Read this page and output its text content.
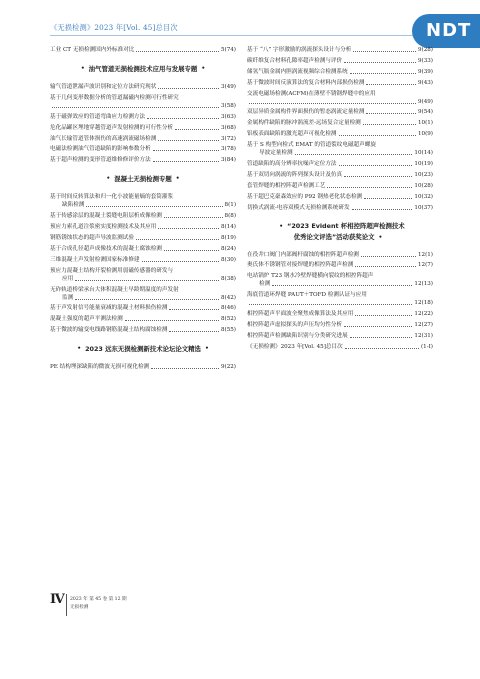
《无损检测》2023 年[Vol. 45]总目次	NDT
工业 CT 无损检测国内外标准对比	5(74)
• 油气管道无损检测技术应用与发展专题 •
输气管道泄漏声波识别和定位方法研究现状	3(49)
基于几何变形数据分析的管道漏磁内检测可行性研究
3(58)
基于磁弹效应的管道弯曲应力检测方法	3(63)
危化品罐区埋地穿越管道声发射检测的可行性分析	3(68)
油气长输管道管体损伤的高速涡流磁场检测	3(72)
电磁法检测油气管道缺陷的影响参数分析	3(78)
基于超声检测的变形管道维修修评价方法	3(84)
• 混凝土无损检测专题 •
基于时间反转算法和归一化小波能量熵的套筒灌浆
缺陷检测	8(1)
基于传感涂层的混凝土裂缝电阻层析成像检测	8(8)
预应力索孔道注浆密实度检测技术及其应用	8(14)
钢筋锈蚀状态的超声导波监测试验	8(19)
基于合成孔径超声成像技术的混凝土腐蚀检测	8(24)
三维混凝土声发射检测国家标准修建	8(30)
预应力混凝土结构开裂检测用弱磁传感器的研发与
应用	8(38)
无砟轨道桥梁承台大体积混凝土早龄期温度的声发射
监测	8(42)
基于声发射信号能量衰减的混凝土材料损伤检测	8(46)
混凝土强度的超声平测法检测	8(52)
基于微波的输变电线路钢筋混凝土结构腐蚀检测	8(55)
• 2023 远东无损检测新技术论坛论文精选 •
PE 结构埋深缺陷的微波无损可视化检测	9(22)
基于 “八” 字形激励的涡流探头设计与分析	9(28)
碳纤维复合材料孔隙率超声检测与评价	9(33)
储氢气瓶金属内胆涡流视频综合检测系统	9(39)
基于微波时间反演算法的复合材料内部损伤检测	9(43)
交流电磁场检测(ACFM)在薄壁不锈钢焊缝中的应用
9(49)
双层异质金属构件界面损伤的暂态涡流定量检测	9(54)
金属构件缺陷的脉冲涡流差-远场复合定量检测	10(1)
铝板表面缺陷的激光超声可视化检测	10(9)
基于 S 构型向检式 EMAT 的管道裂纹电磁超声螺旋
导波定量检测	10(14)
管道缺陷的高分辨率抗噪声定位方法	10(19)
基于双切向涡流的阵列探头设计及仿真	10(23)
套管焊缝的相控阵超声检测工艺	10(28)
基于超巴克豪森效应的 P92 钢热老化状态检测	10(32)
切换式涡流-电容双模式无损检测系统研发	10(37)
• “2023 Evident 杯相控阵超声检测技术
优秀论文评选”活动获奖论文 •
在役井口阀门内部阀杆腐蚀的相控阵超声检测	12(1)
奥氏体不锈钢管对接焊缝的相控阵超声检测	12(7)
电站锅炉 T23 钢水冷壁焊缝横向裂纹的相控阵超声
检测	12(13)
海底管道环焊缝 PAUT＋TOFD 检测认证与应用
12(18)
相控阵超声平面波全聚焦成像算法及其应用	12(22)
相控阵超声虚拟探头的声压均匀性分析	12(27)
相控阵超声检测缺陷识别与分类研究进展	12(31)
《无损检测》2023 年[Vol. 45]总目次	(1-I)
Ⅳ 2023 年 第 45 卷 第 12 期
无损检测
